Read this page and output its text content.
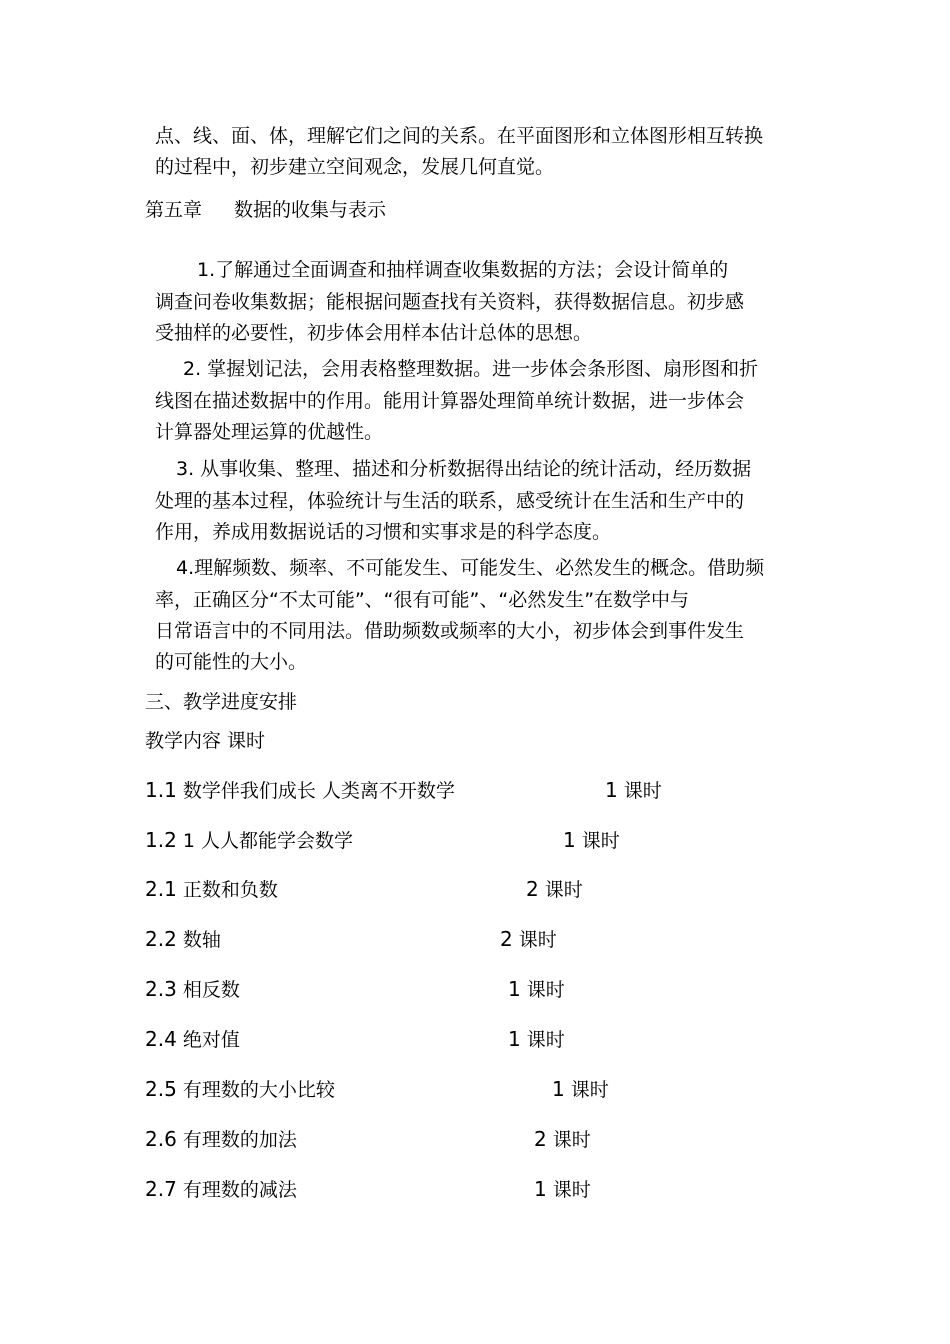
点、线、面、体，理解它们之间的关系。在平面图形和立体图形相互转换
的过程中，初步建立空间观念，发展几何直觉。

第五章 数据的收集与表示

1.了解通过全面调查和抽样调查收集数据的方法；会设计简单的
调查问卷收集数据；能根据问题查找有关资料，获得数据信息。初步感
受抽样的必要性，初步体会用样本估计总体的思想。

2. 掌握划记法，会用表格整理数据。进一步体会条形图、扇形图和折
线图在描述数据中的作用。能用计算器处理简单统计数据，进一步体会
计算器处理运算的优越性。

3. 从事收集、整理、描述和分析数据得出结论的统计活动，经历数据
处理的基本过程，体验统计与生活的联系，感受统计在生活和生产中的
作用，养成用数据说话的习惯和实事求是的科学态度。

4.理解频数、频率、不可能发生、可能发生、必然发生的概念。借助频
率，正确区分“不太可能”、“很有可能”、“必然发生”在数学中与
日常语言中的不同用法。借助频数或频率的大小，初步体会到事件发生
的可能性的大小。

三、教学进度安排

教学内容 课时

1.1 数学伴我们成长 人类离不开数学	1 课时
1.2 1 人人都能学会数学	1 课时
2.1 正数和负数	2 课时
2.2 数轴	2 课时
2.3 相反数	1 课时
2.4 绝对值	1 课时
2.5 有理数的大小比较	1 课时
2.6 有理数的加法	2 课时
2.7 有理数的减法	1 课时
